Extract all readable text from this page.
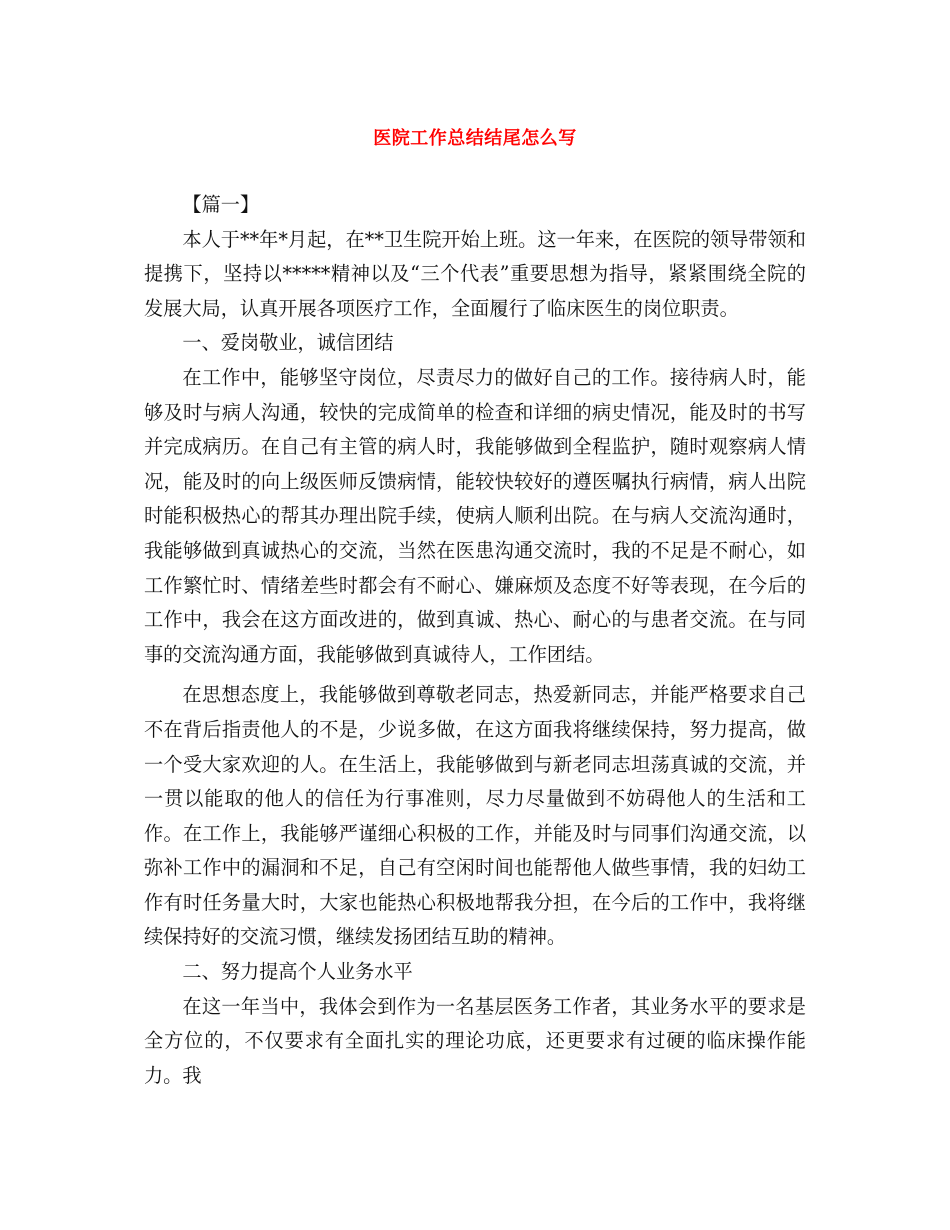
医院工作总结结尾怎么写

【篇一】

本人于**年*月起，在**卫生院开始上班。这一年来，在医院的领导带领和提携下，坚持以*****精神以及“三个代表”重要思想为指导，紧紧围绕全院的发展大局，认真开展各项医疗工作，全面履行了临床医生的岗位职责。

一、爱岗敬业，诚信团结

在工作中，能够坚守岗位，尽责尽力的做好自己的工作。接待病人时，能够及时与病人沟通，较快的完成简单的检查和详细的病史情况，能及时的书写并完成病历。在自己有主管的病人时，我能够做到全程监护，随时观察病人情况，能及时的向上级医师反馈病情，能较快较好的遵医嘱执行病情，病人出院时能积极热心的帮其办理出院手续，使病人顺利出院。在与病人交流沟通时，我能够做到真诚热心的交流，当然在医患沟通交流时，我的不足是不耐心，如工作繁忙时、情绪差些时都会有不耐心、嫌麻烦及态度不好等表现，在今后的工作中，我会在这方面改进的，做到真诚、热心、耐心的与患者交流。在与同事的交流沟通方面，我能够做到真诚待人，工作团结。

在思想态度上，我能够做到尊敬老同志，热爱新同志，并能严格要求自己不在背后指责他人的不是，少说多做，在这方面我将继续保持，努力提高，做一个受大家欢迎的人。在生活上，我能够做到与新老同志坦荡真诚的交流，并一贯以能取的他人的信任为行事准则，尽力尽量做到不妨碍他人的生活和工作。在工作上，我能够严谨细心积极的工作，并能及时与同事们沟通交流，以弥补工作中的漏洞和不足，自己有空闲时间也能帮他人做些事情，我的妇幼工作有时任务量大时，大家也能热心积极地帮我分担，在今后的工作中，我将继续保持好的交流习惯，继续发扬团结互助的精神。

二、努力提高个人业务水平

在这一年当中，我体会到作为一名基层医务工作者，其业务水平的要求是全方位的，不仅要求有全面扎实的理论功底，还更要求有过硬的临床操作能力。我
